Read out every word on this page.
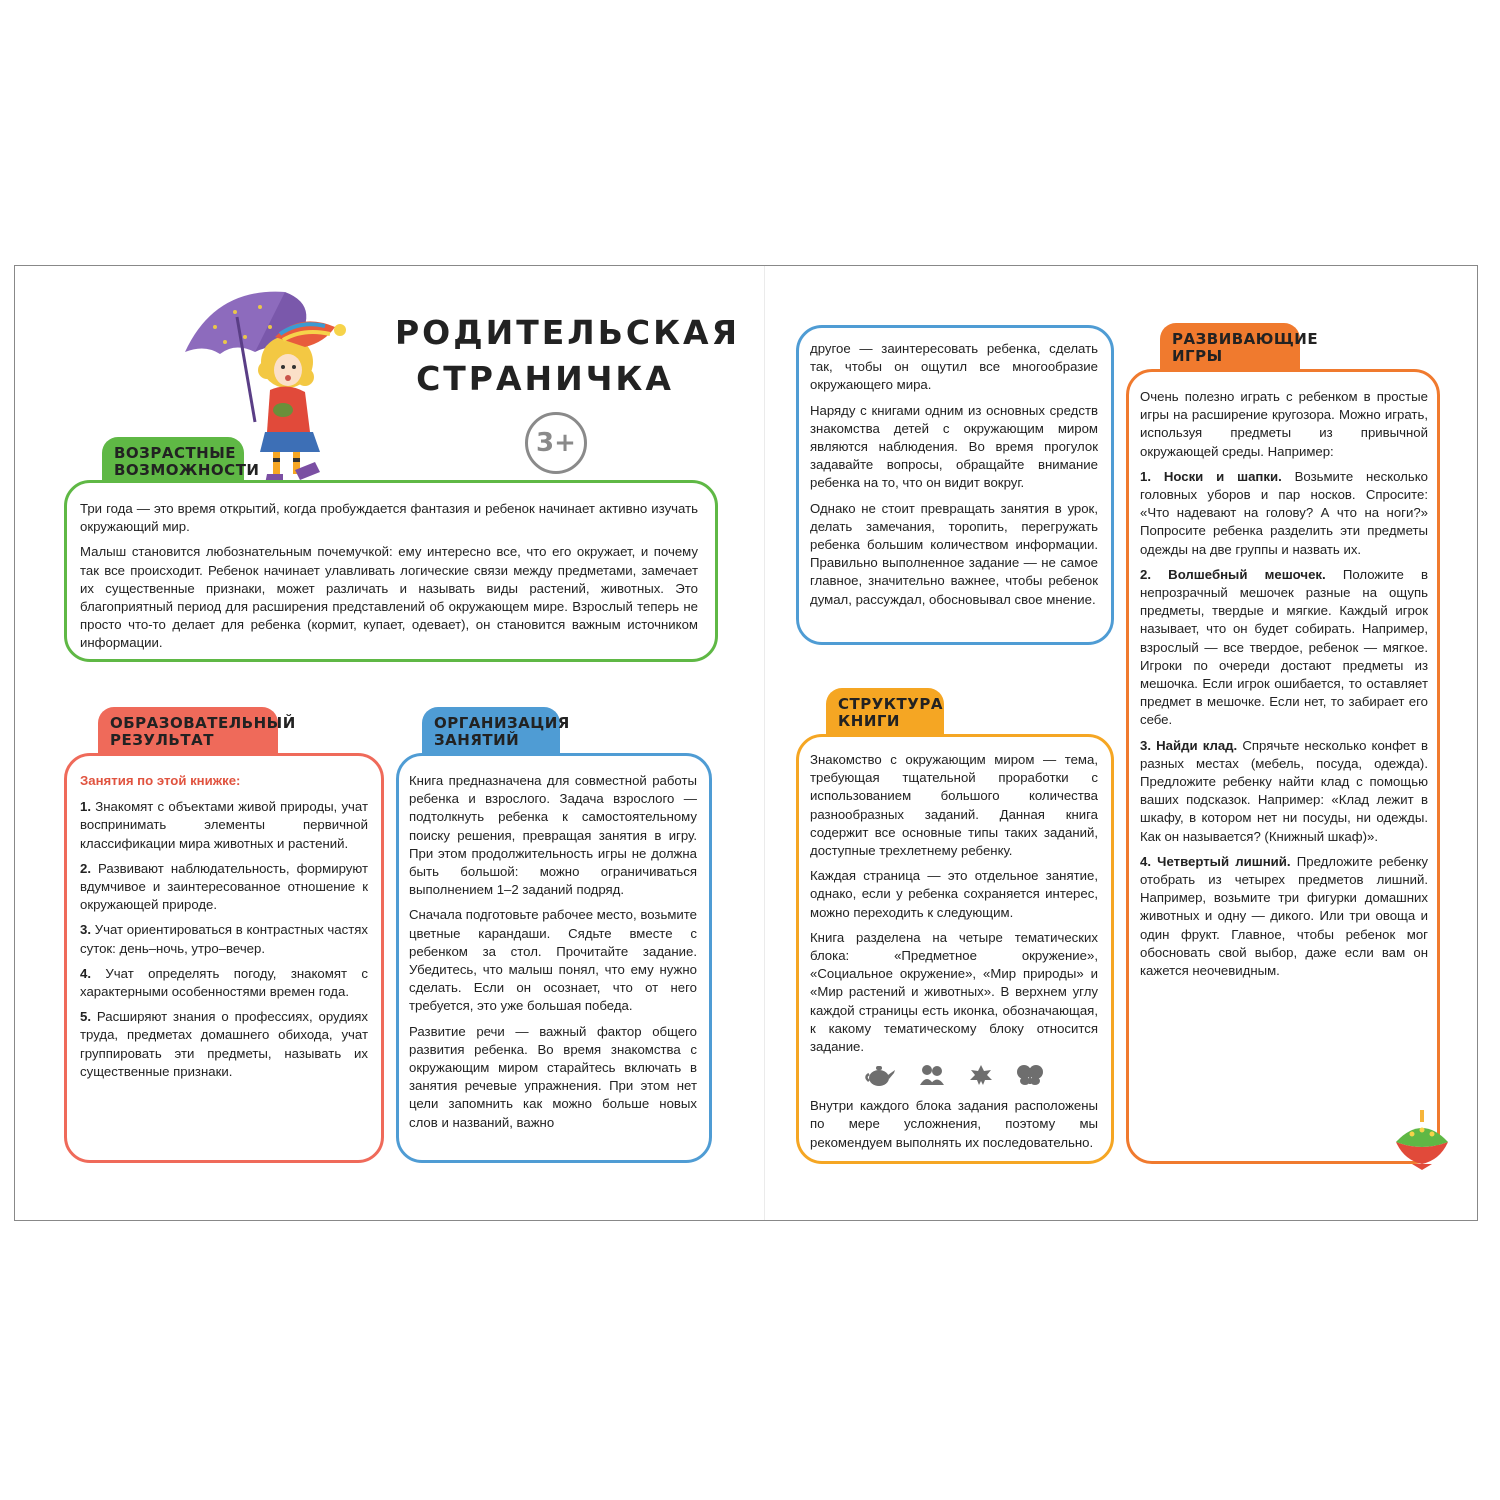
РОДИТЕЛЬСКАЯ
СТРАНИЧКА
3+
ВОЗРАСТНЫЕ
ВОЗМОЖНОСТИ

Три года — это время открытий, когда пробуждается фантазия и ребенок начинает активно изучать окружающий мир.

Малыш становится любознательным почемучкой: ему интересно все, что его окружает, и почему так все происходит. Ребенок начинает улавливать логические связи между предметами, замечает их существенные признаки, может различать и называть виды растений, животных. Это благоприятный период для расширения представлений об окружающем мире. Взрослый теперь не просто что-то делает для ребенка (кормит, купает, одевает), он становится важным источником информации.

ОБРАЗОВАТЕЛЬНЫЙ
РЕЗУЛЬТАТ

Занятия по этой книжке:

1. Знакомят с объектами живой природы, учат воспринимать элементы первичной классификации мира животных и растений.

2. Развивают наблюдательность, формируют вдумчивое и заинтересованное отношение к окружающей природе.

3. Учат ориентироваться в контрастных частях суток: день–ночь, утро–вечер.

4. Учат определять погоду, знакомят с характерными особенностями времен года.

5. Расширяют знания о профессиях, орудиях труда, предметах домашнего обихода, учат группировать эти предметы, называть их существенные признаки.

ОРГАНИЗАЦИЯ
ЗАНЯТИЙ

Книга предназначена для совместной работы ребенка и взрослого. Задача взрослого — подтолкнуть ребенка к самостоятельному поиску решения, превращая занятия в игру. При этом продолжительность игры не должна быть большой: можно ограничиваться выполнением 1–2 заданий подряд.

Сначала подготовьте рабочее место, возьмите цветные карандаши. Сядьте вместе с ребенком за стол. Прочитайте задание. Убедитесь, что малыш понял, что ему нужно сделать. Если он осознает, что от него требуется, это уже большая победа.

Развитие речи — важный фактор общего развития ребенка. Во время знакомства с окружающим миром старайтесь включать в занятия речевые упражнения. При этом нет цели запомнить как можно больше новых слов и названий, важно

другое — заинтересовать ребенка, сделать так, чтобы он ощутил все многообразие окружающего мира.

Наряду с книгами одним из основных средств знакомства детей с окружающим миром являются наблюдения. Во время прогулок задавайте вопросы, обращайте внимание ребенка на то, что он видит вокруг.

Однако не стоит превращать занятия в урок, делать замечания, торопить, перегружать ребенка большим количеством информации. Правильно выполненное задание — не самое главное, значительно важнее, чтобы ребенок думал, рассуждал, обосновывал свое мнение.

СТРУКТУРА
КНИГИ

Знакомство с окружающим миром — тема, требующая тщательной проработки с использованием большого количества разнообразных заданий. Данная книга содержит все основные типы таких заданий, доступные трехлетнему ребенку.

Каждая страница — это отдельное занятие, однако, если у ребенка сохраняется интерес, можно переходить к следующим.

Книга разделена на четыре тематических блока: «Предметное окружение», «Социальное окружение», «Мир природы» и «Мир растений и животных». В верхнем углу каждой страницы есть иконка, обозначающая, к какому тематическому блоку относится задание.

Внутри каждого блока задания расположены по мере усложнения, поэтому мы рекомендуем выполнять их последовательно.

РАЗВИВАЮЩИЕ
ИГРЫ

Очень полезно играть с ребенком в простые игры на расширение кругозора. Можно играть, используя предметы из привычной окружающей среды. Например:

1. Носки и шапки. Возьмите несколько головных уборов и пар носков. Спросите: «Что надевают на голову? А что на ноги?» Попросите ребенка разделить эти предметы одежды на две группы и назвать их.

2. Волшебный мешочек. Положите в непрозрачный мешочек разные на ощупь предметы, твердые и мягкие. Каждый игрок называет, что он будет собирать. Например, взрослый — все твердое, ребенок — мягкое. Игроки по очереди достают предметы из мешочка. Если игрок ошибается, то оставляет предмет в мешочке. Если нет, то забирает его себе.

3. Найди клад. Спрячьте несколько конфет в разных местах (мебель, посуда, одежда). Предложите ребенку найти клад с помощью ваших подсказок. Например: «Клад лежит в шкафу, в котором нет ни посуды, ни одежды. Как он называется? (Книжный шкаф)».

4. Четвертый лишний. Предложите ребенку отобрать из четырех предметов лишний. Например, возьмите три фигурки домашних животных и одну — дикого. Или три овоща и один фрукт. Главное, чтобы ребенок мог обосновать свой выбор, даже если вам он кажется неочевидным.
